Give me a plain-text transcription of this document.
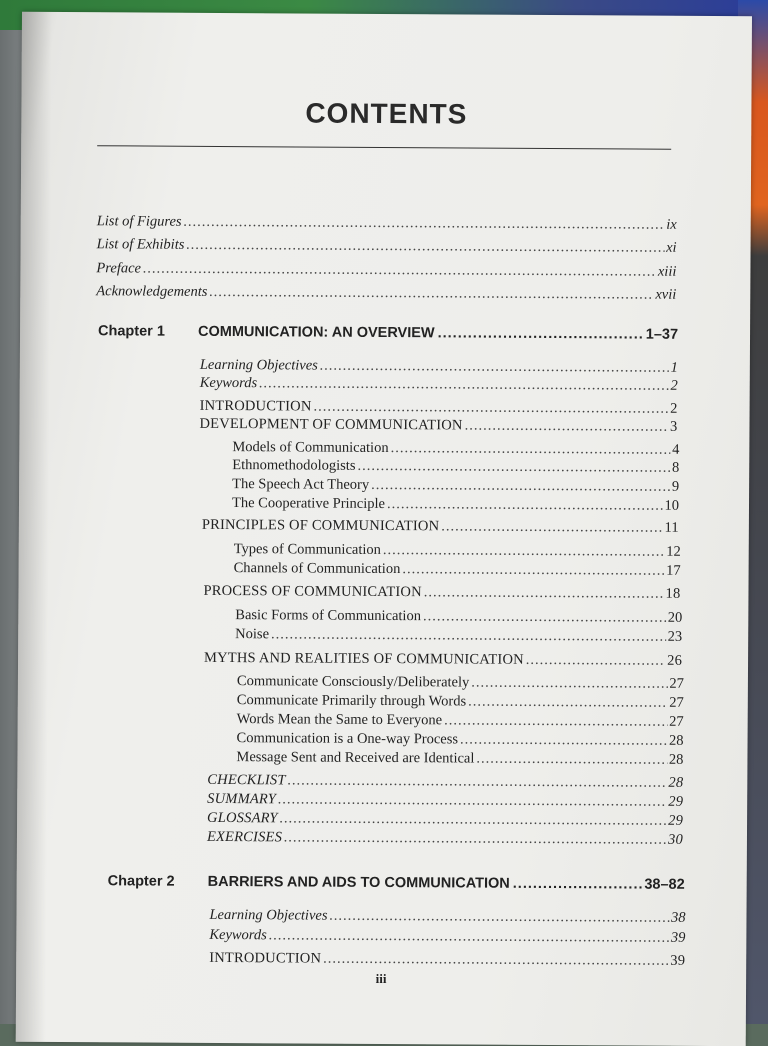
CONTENTS
List of Figures .....	ix
List of Exhibits .....	xi
Preface .....	xiii
Acknowledgements .....	xvii
Chapter 1	COMMUNICATION: AN OVERVIEW .....	1–37
Learning Objectives .....	1
Keywords .....	2
INTRODUCTION .....	2
DEVELOPMENT OF COMMUNICATION .....	3
Models of Communication .....	4
Ethnomethodologists .....	8
The Speech Act Theory .....	9
The Cooperative Principle .....	10
PRINCIPLES OF COMMUNICATION .....	11
Types of Communication .....	12
Channels of Communication .....	17
PROCESS OF COMMUNICATION .....	18
Basic Forms of Communication .....	20
Noise .....	23
MYTHS AND REALITIES OF COMMUNICATION .....	26
Communicate Consciously/Deliberately .....	27
Communicate Primarily through Words .....	27
Words Mean the Same to Everyone .....	27
Communication is a One-way Process .....	28
Message Sent and Received are Identical .....	28
CHECKLIST .....	28
SUMMARY .....	29
GLOSSARY .....	29
EXERCISES .....	30
Chapter 2	BARRIERS AND AIDS TO COMMUNICATION .....	38–82
Learning Objectives .....	38
Keywords .....	39
INTRODUCTION .....	39
iii
